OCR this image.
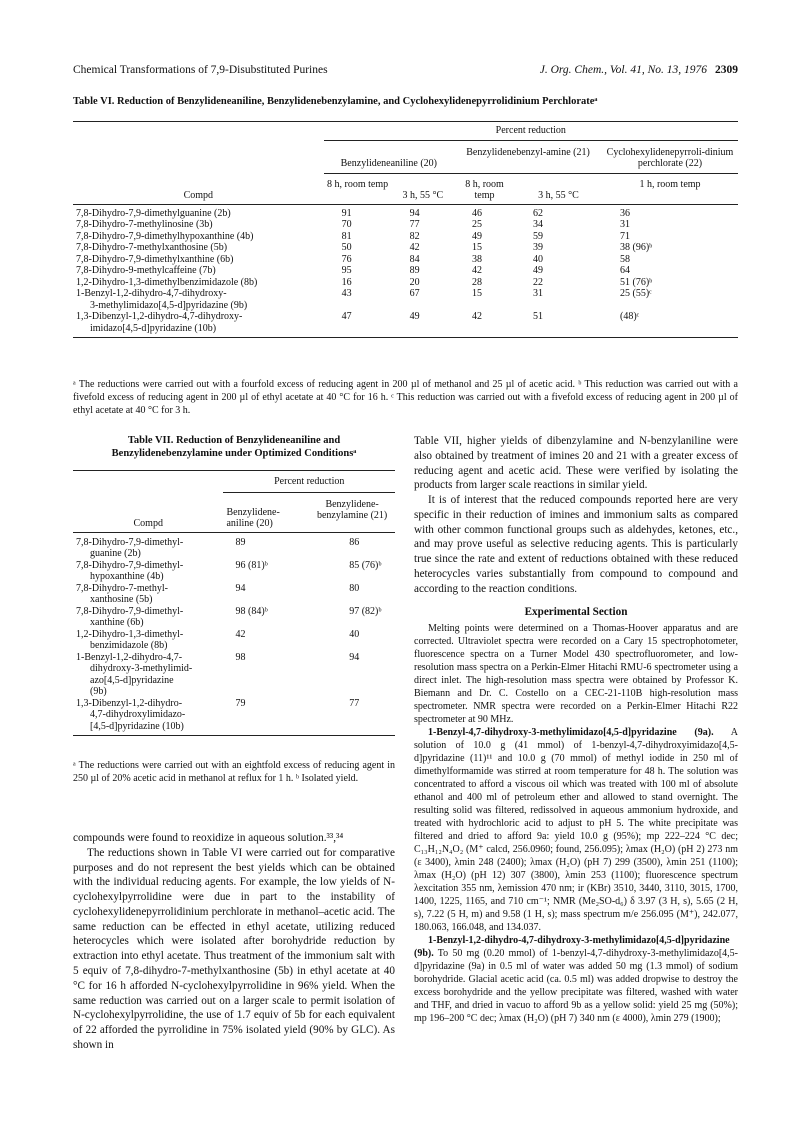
Chemical Transformations of 7,9-Disubstituted Purines	J. Org. Chem., Vol. 41, No. 13, 1976 2309
Table VI. Reduction of Benzylideneaniline, Benzylidenebenzylamine, and Cyclohexylidenepyrrolidinium Perchlorateᵃ
	Percent reduction				
	Benzylideneaniline (20)		Benzylidenebenzyl-amine (21)		Cyclohexylidenepyrroli-dinium perchlorate (22)
Compd	8 h, room temp	3 h, 55 °C	8 h, room temp	3 h, 55 °C	1 h, room temp
7,8-Dihydro-7,9-dimethylguanine (2b)	91	94	46	62	36
7,8-Dihydro-7-methylinosine (3b)	70	77	25	34	31
7,8-Dihydro-7,9-dimethylhypoxanthine (4b)	81	82	49	59	71
7,8-Dihydro-7-methylxanthosine (5b)	50	42	15	39	38 (96)ᵇ
7,8-Dihydro-7,9-dimethylxanthine (6b)	76	84	38	40	58
7,8-Dihydro-9-methylcaffeine (7b)	95	89	42	49	64
1,2-Dihydro-1,3-dimethylbenzimidazole (8b)	16	20	28	22	51 (76)ᵇ
1-Benzyl-1,2-dihydro-4,7-dihydroxy-
3-methylimidazo[4,5-d]pyridazine (9b)	43	67	15	31	25 (55)ᶜ
1,3-Dibenzyl-1,2-dihydro-4,7-dihydroxy-
imidazo[4,5-d]pyridazine (10b)	47	49	42	51	(48)ᶜ
ᵃ The reductions were carried out with a fourfold excess of reducing agent in 200 µl of methanol and 25 µl of acetic acid. ᵇ This reduction was carried out with a fivefold excess of reducing agent in 200 µl of ethyl acetate at 40 °C for 16 h. ᶜ This reduction was carried out with a fivefold excess of reducing agent in 200 µl of ethyl acetate at 40 °C for 3 h.
Table VII. Reduction of Benzylideneaniline and
Benzylidenebenzylamine under Optimized Conditionsᵃ
	Percent reduction	
Compd	Benzylidene-aniline (20)	Benzylidene-benzylamine (21)
7,8-Dihydro-7,9-dimethyl-
guanine (2b)	89	86
7,8-Dihydro-7,9-dimethyl-
hypoxanthine (4b)	96 (81)ᵇ	85 (76)ᵇ
7,8-Dihydro-7-methyl-
xanthosine (5b)	94	80
7,8-Dihydro-7,9-dimethyl-
xanthine (6b)	98 (84)ᵇ	97 (82)ᵇ
1,2-Dihydro-1,3-dimethyl-
benzimidazole (8b)	42	40
1-Benzyl-1,2-dihydro-4,7-
dihydroxy-3-methylimid-
azo[4,5-d]pyridazine
(9b)	98	94
1,3-Dibenzyl-1,2-dihydro-
4,7-dihydroxylimidazo-
[4,5-d]pyridazine (10b)	79	77
ᵃ The reductions were carried out with an eightfold excess of reducing agent in 250 µl of 20% acetic acid in methanol at reflux for 1 h. ᵇ Isolated yield.

compounds were found to reoxidize in aqueous solution.³³,³⁴

The reductions shown in Table VI were carried out for comparative purposes and do not represent the best yields which can be obtained with the individual reducing agents. For example, the low yields of N-cyclohexylpyrrolidine were due in part to the instability of cyclohexylidenepyrrolidinium perchlorate in methanol–acetic acid. The same reduction can be effected in ethyl acetate, utilizing reduced heterocycles which were isolated after borohydride reduction by extraction into ethyl acetate. Thus treatment of the immonium salt with 5 equiv of 7,8-dihydro-7-methylxanthosine (5b) in ethyl acetate at 40 °C for 16 h afforded N-cyclohexylpyrrolidine in 96% yield. When the same reduction was carried out on a larger scale to permit isolation of N-cyclohexylpyrrolidine, the use of 1.7 equiv of 5b for each equivalent of 22 afforded the pyrrolidine in 75% isolated yield (90% by GLC). As shown in

Table VII, higher yields of dibenzylamine and N-benzylaniline were also obtained by treatment of imines 20 and 21 with a greater excess of reducing agent and acetic acid. These were verified by isolating the products from larger scale reactions in similar yield.

It is of interest that the reduced compounds reported here are very specific in their reduction of imines and immonium salts as compared with other common functional groups such as aldehydes, ketones, etc., and may prove useful as selective reducing agents. This is particularly true since the rate and extent of reductions obtained with these reduced heterocycles varies substantially from compound to compound and according to the reaction conditions.

Experimental Section

Melting points were determined on a Thomas-Hoover apparatus and are corrected. Ultraviolet spectra were recorded on a Cary 15 spectrophotometer, fluorescence spectra on a Turner Model 430 spectrofluorometer, and low-resolution mass spectra on a Perkin-Elmer Hitachi RMU-6 spectrometer using a direct inlet. The high-resolution mass spectra were obtained by Professor K. Biemann and Dr. C. Costello on a CEC-21-110B high-resolution mass spectrometer. NMR spectra were recorded on a Perkin-Elmer Hitachi R22 spectrometer at 90 MHz.

1-Benzyl-4,7-dihydroxy-3-methylimidazo[4,5-d]pyridazine (9a). A solution of 10.0 g (41 mmol) of 1-benzyl-4,7-dihydroxyimidazo[4,5-d]pyridazine (11)¹¹ and 10.0 g (70 mmol) of methyl iodide in 250 ml of dimethylformamide was stirred at room temperature for 48 h. The solution was concentrated to afford a viscous oil which was treated with 100 ml of absolute ethanol and 400 ml of petroleum ether and allowed to stand overnight. The resulting solid was filtered, redissolved in aqueous ammonium hydroxide, and treated with hydrochloric acid to adjust to pH 5. The white precipitate was filtered and dried to afford 9a: yield 10.0 g (95%); mp 222–224 °C dec; C₁₃H₁₂N₄O₂ (M⁺ calcd, 256.0960; found, 256.095); λmax (H₂O) (pH 2) 273 nm (ε 3400), λmin 248 (2400); λmax (H₂O) (pH 7) 299 (3500), λmin 251 (1100); λmax (H₂O) (pH 12) 307 (3800), λmin 253 (1100); fluorescence spectrum λexcitation 355 nm, λemission 470 nm; ir (KBr) 3510, 3440, 3110, 3015, 1700, 1400, 1225, 1165, and 710 cm⁻¹; NMR (Me₂SO-d₆) δ 3.97 (3 H, s), 5.65 (2 H, s), 7.22 (5 H, m) and 9.58 (1 H, s); mass spectrum m/e 256.095 (M⁺), 242.077, 180.063, 166.048, and 134.037.

1-Benzyl-1,2-dihydro-4,7-dihydroxy-3-methylimidazo[4,5-d]pyridazine (9b). To 50 mg (0.20 mmol) of 1-benzyl-4,7-dihydroxy-3-methylimidazo[4,5-d]pyridazine (9a) in 0.5 ml of water was added 50 mg (1.3 mmol) of sodium borohydride. Glacial acetic acid (ca. 0.5 ml) was added dropwise to destroy the excess borohydride and the yellow precipitate was filtered, washed with water and THF, and dried in vacuo to afford 9b as a yellow solid: yield 25 mg (50%); mp 196–200 °C dec; λmax (H₂O) (pH 7) 340 nm (ε 4000), λmin 279 (1900);
